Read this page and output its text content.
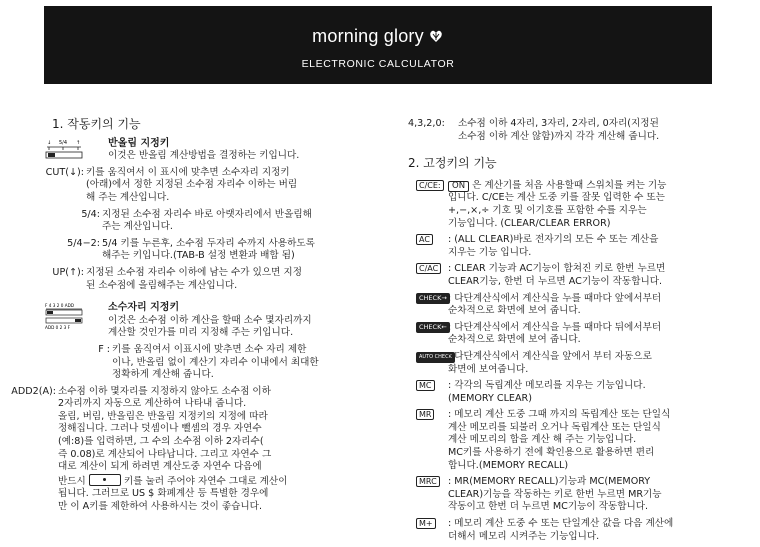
morning glory
ELECTRONIC CALCULATOR
1. 작동키의 기능
↓ 5/4 ↑	반올림 지정키
이것은 반올림 계산방법을 결정하는 키입니다.
CUT(↓): 키를 움직여서 이 표시에 맞추면 소수자리 지정키
(아래)에서 정한 지정된 소수점 자리수 이하는 버림
해 주는 계산입니다.
5/4: 지정된 소수점 자리수 바로 아랫자리에서 반올림해
주는 계산입니다.
5/4−2: 5/4 키를 누른후, 소수점 두자리 수까지 사용하도록
해주는 키입니다.(TAB-B 설정 변환과 배합 됨)
UP(↑): 지정된 소수점 자리수 이하에 남는 수가 있으면 지정
된 소수점에 올림해주는 계산입니다.
F 4 3 2 0 ADD
ADD 0 2 3 F
소수자리 지정키
이것은 소수점 이하 계산을 할때 소수 몇자리까지
계산할 것인가를 미리 지정해 주는 키입니다.
F : 키를 움직여서 이표시에 맞추면 소수 자리 제한
이나, 반올림 없이 계산기 자리수 이내에서 최대한
정확하게 계산해 줍니다.
ADD2(A): 소수점 이하 몇자리를 지정하지 않아도 소수점 이하
2자리까지 자동으로 계산하여 나타내 줍니다.
올림, 버림, 반올림은 반올림 지정키의 지정에 따라
정해집니다. 그러나 덧셈이나 뺄셈의 경우 자연수
(예:8)를 입력하면, 그 수의 소수점 이하 2자리수(
즉 0.08)로 계산되어 나타납니다. 그리고 자연수 그
대로 계산이 되게 하려면 계산도중 자연수 다음에
반드시	키를 눌러 주어야 자연수 그대로 계산이
됩니다. 그러므로 US $ 화폐계산 등 특별한 경우에
만 이 A키를 제한하여 사용하시는 것이 좋습니다.
4,3,2,0:	소수점 이하 4자리, 3자리, 2자리, 0자리(지정된
소수점 이하 계산 않함)까지 각각 계산해 줍니다.
2. 고정키의 기능
C/CE:	ON 은 계산기를 처음 사용할때 스위치를 켜는 기능
입니다. C/CE는 계산 도중 키를 잘못 입력한 수 또는
+,−,×,÷ 기호 및 이기호를 포함한 수를 지우는
기능입니다. (CLEAR/CLEAR ERROR)
AC	: (ALL CLEAR)바로 전자기의 모든 수 또는 계산을
지우는 기능 입니다.
C/AC	: CLEAR 기능과 AC기능이 합쳐진 키로 한번 누르면
CLEAR기능, 한번 더 누르면 AC기능이 작동합니다.
CHECK→ : 다단계산식에서 계산식을 누를 때마다 앞에서부터
순차적으로 화면에 보여 줍니다.
CHECK← : 다단계산식에서 계산식을 누를 때마다 뒤에서부터
순차적으로 화면에 보여 줍니다.
AUTO CHECK
: 다단계산식에서 계산식을 앞에서 부터 자동으로
화면에 보여줍니다.
MC	: 각각의 독립계산 메모리를 지우는 기능입니다.
(MEMORY CLEAR)
MR	: 메모리 계산 도중 그때 까지의 독립계산 또는 단일식
계산 메모리를 되불러 오거나 독립계산 또는 단일식
계산 메모리의 합을 계산 해 주는 기능입니다.
MC키를 사용하기 전에 확인용으로 활용하면 편리
합니다.(MEMORY RECALL)
MRC	: MR(MEMORY RECALL)기능과 MC(MEMORY
CLEAR)기능을 작동하는 키로 한번 누르면 MR기능
작동이고 한번 더 누르면 MC기능이 작동합니다.
M+	: 메모리 계산 도중 수 또는 단일계산 값을 다음 계산에
더해서 메모리 시켜주는 기능입니다.
